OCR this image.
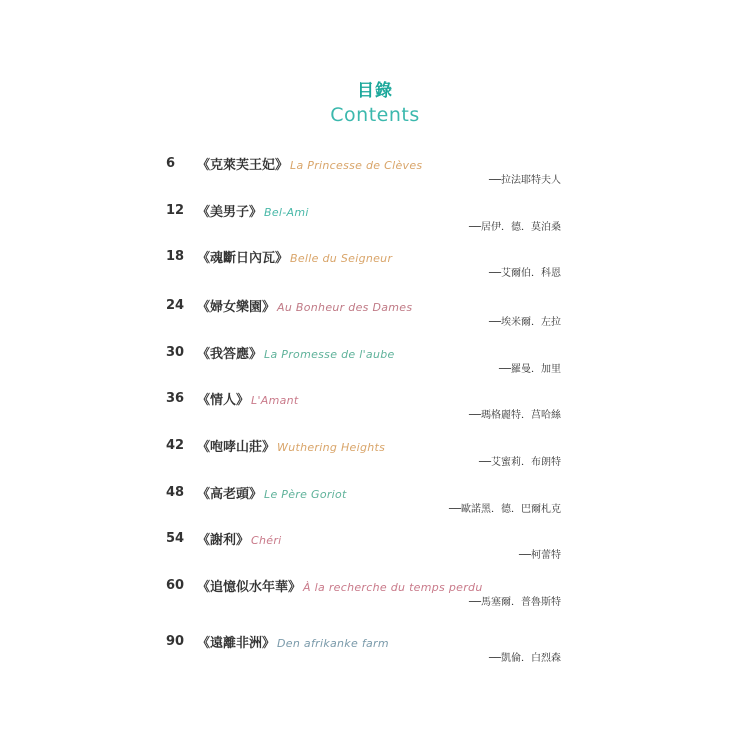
目錄
Contents
6	《克萊芙王妃》 La Princesse de Clèves
──拉法耶特夫人
12 《美男子》 Bel-Ami
──居伊．德．莫泊桑
18 《魂斷日內瓦》 Belle du Seigneur
──艾爾伯．科恩
24 《婦女樂園》 Au Bonheur des Dames
──埃米爾．左拉
30 《我答應》 La Promesse de l'aube
──羅曼．加里
36 《情人》 L'Amant
──瑪格麗特．莒哈絲
42 《咆哮山莊》 Wuthering Heights
──艾蜜莉．布朗特
48 《高老頭》 Le Père Goriot
──歐諾黑．德．巴爾札克
54 《謝利》 Chéri
──柯蕾特
60 《追憶似水年華》 À la recherche du temps perdu
──馬塞爾．普魯斯特
90 《遠離非洲》 Den afrikanke farm
──凱倫．白烈森
